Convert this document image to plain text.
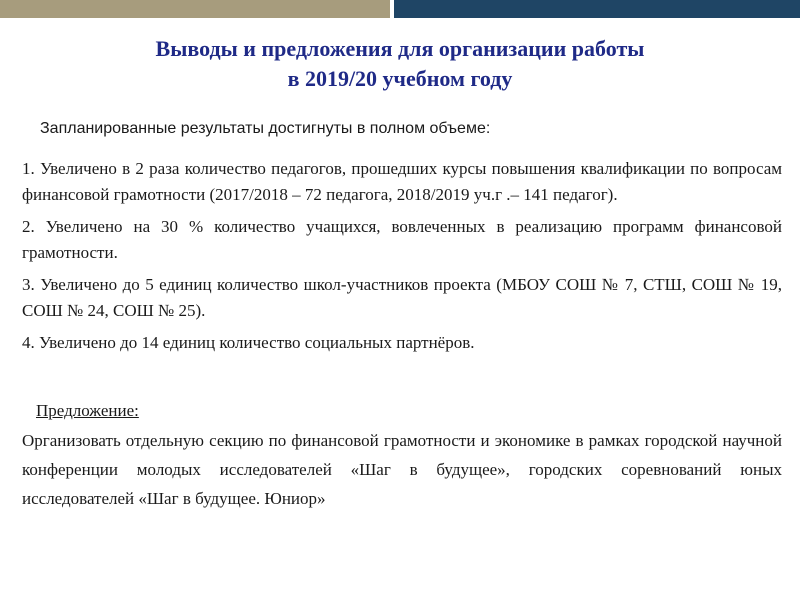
Выводы и предложения для организации работы
в 2019/20 учебном году
Запланированные результаты достигнуты в полном объеме:

1. Увеличено в 2 раза количество педагогов, прошедших курсы повышения квалификации по вопросам финансовой грамотности (2017/2018 – 72 педагога, 2018/2019 уч.г .– 141 педагог).

2. Увеличено на 30 % количество учащихся, вовлеченных в реализацию программ финансовой грамотности.

3. Увеличено до 5 единиц количество школ-участников проекта (МБОУ СОШ № 7, СТШ, СОШ № 19, СОШ № 24, СОШ № 25).

4. Увеличено до 14 единиц количество социальных партнёров.

Предложение:

Организовать отдельную секцию по финансовой грамотности и экономике в рамках городской научной конференции молодых исследователей «Шаг в будущее», городских соревнований юных исследователей «Шаг в будущее. Юниор»
